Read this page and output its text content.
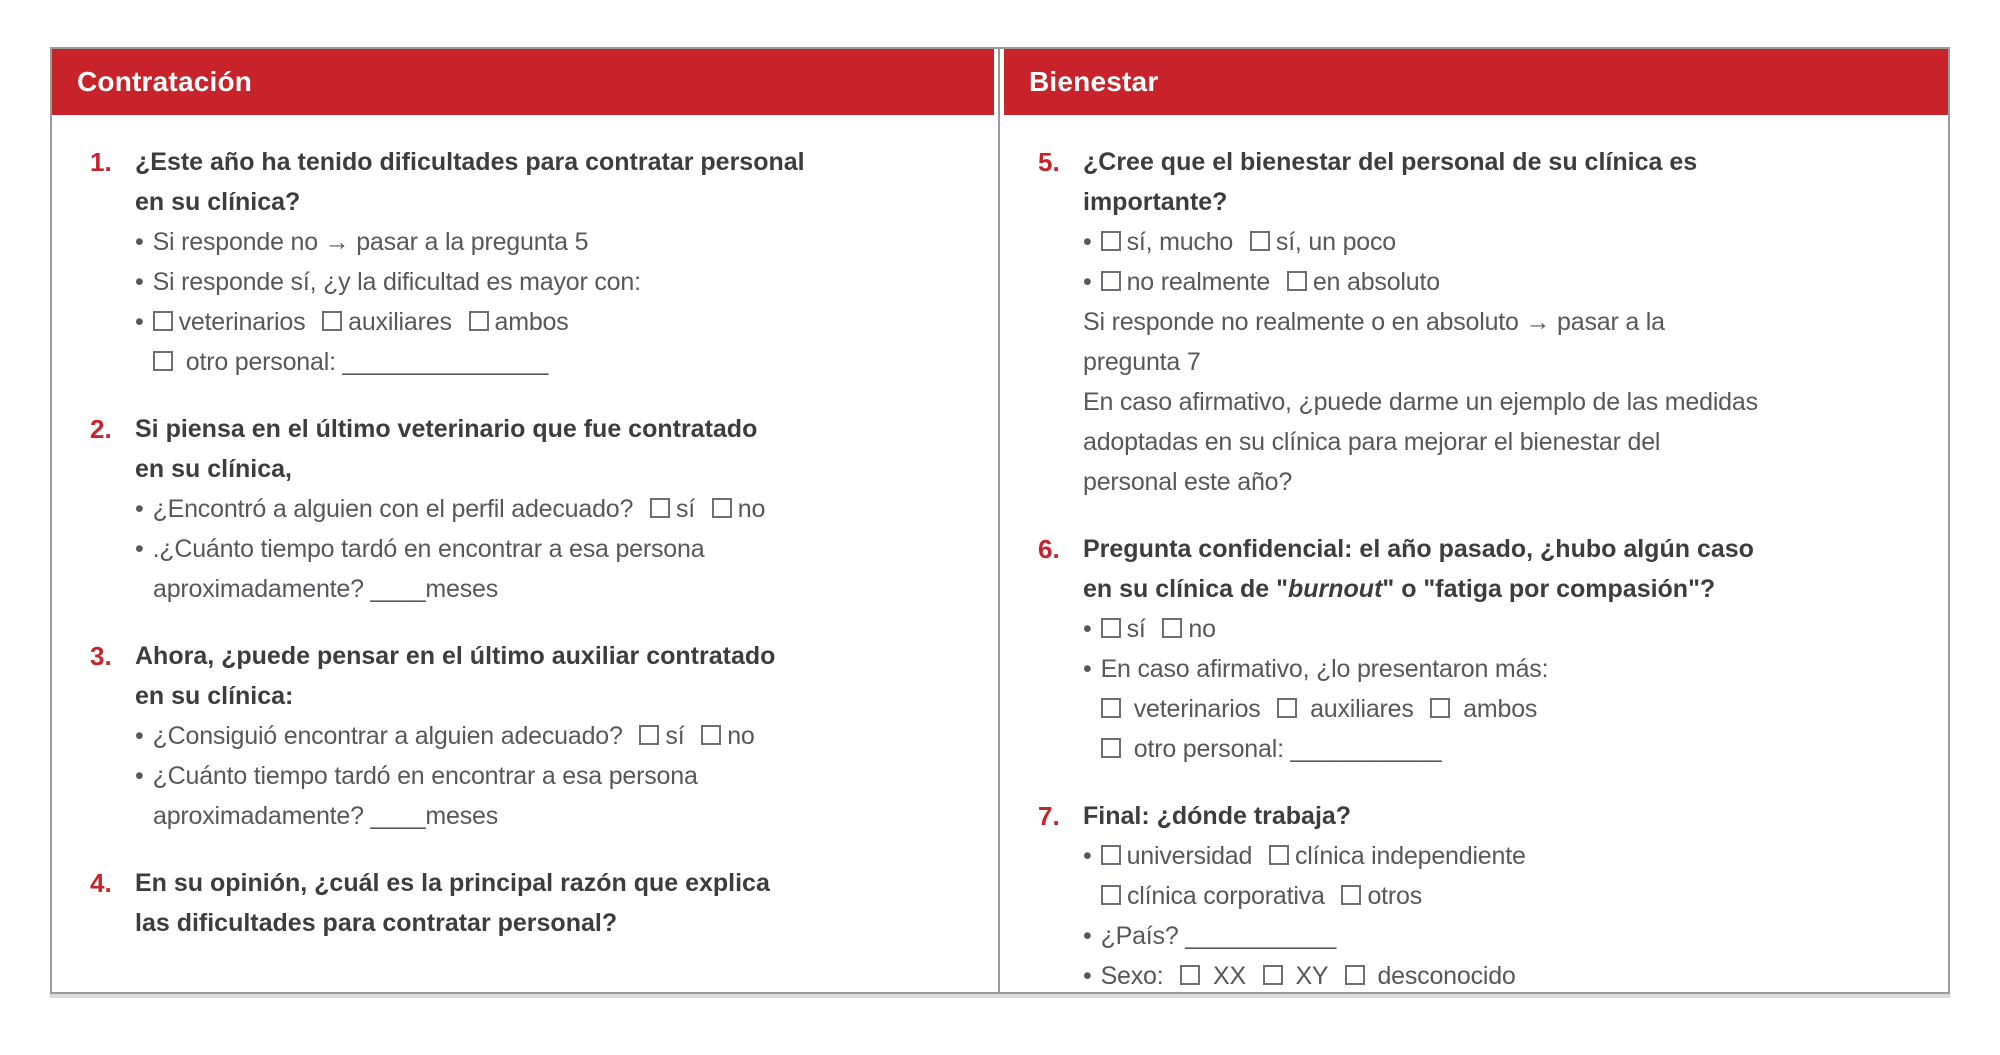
Contratación
1. ¿Este año ha tenido dificultades para contratar personal
en su clínica?
• Si responde no → pasar a la pregunta 5
• Si responde sí, ¿y la dificultad es mayor con:
• veterinarios auxiliares ambos
otro personal: _______________
2. Si piensa en el último veterinario que fue contratado
en su clínica,
• ¿Encontró a alguien con el perfil adecuado? sí no
• .¿Cuánto tiempo tardó en encontrar a esa persona
aproximadamente? ____meses
3. Ahora, ¿puede pensar en el último auxiliar contratado
en su clínica:
• ¿Consiguió encontrar a alguien adecuado? sí no
• ¿Cuánto tiempo tardó en encontrar a esa persona
aproximadamente? ____meses
4. En su opinión, ¿cuál es la principal razón que explica
las dificultades para contratar personal?
Bienestar
5. ¿Cree que el bienestar del personal de su clínica es
importante?
• sí, mucho sí, un poco
• no realmente en absoluto
Si responde no realmente o en absoluto → pasar a la
pregunta 7
En caso afirmativo, ¿puede darme un ejemplo de las medidas
adoptadas en su clínica para mejorar el bienestar del
personal este año?
6. Pregunta confidencial: el año pasado, ¿hubo algún caso
en su clínica de "burnout" o "fatiga por compasión"?
• sí no
• En caso afirmativo, ¿lo presentaron más:
veterinarios  auxiliares  ambos
otro personal: ___________
7. Final: ¿dónde trabaja?
• universidad clínica independiente
clínica corporativa otros
• ¿País? ___________
• Sexo:  XX  XY  desconocido
